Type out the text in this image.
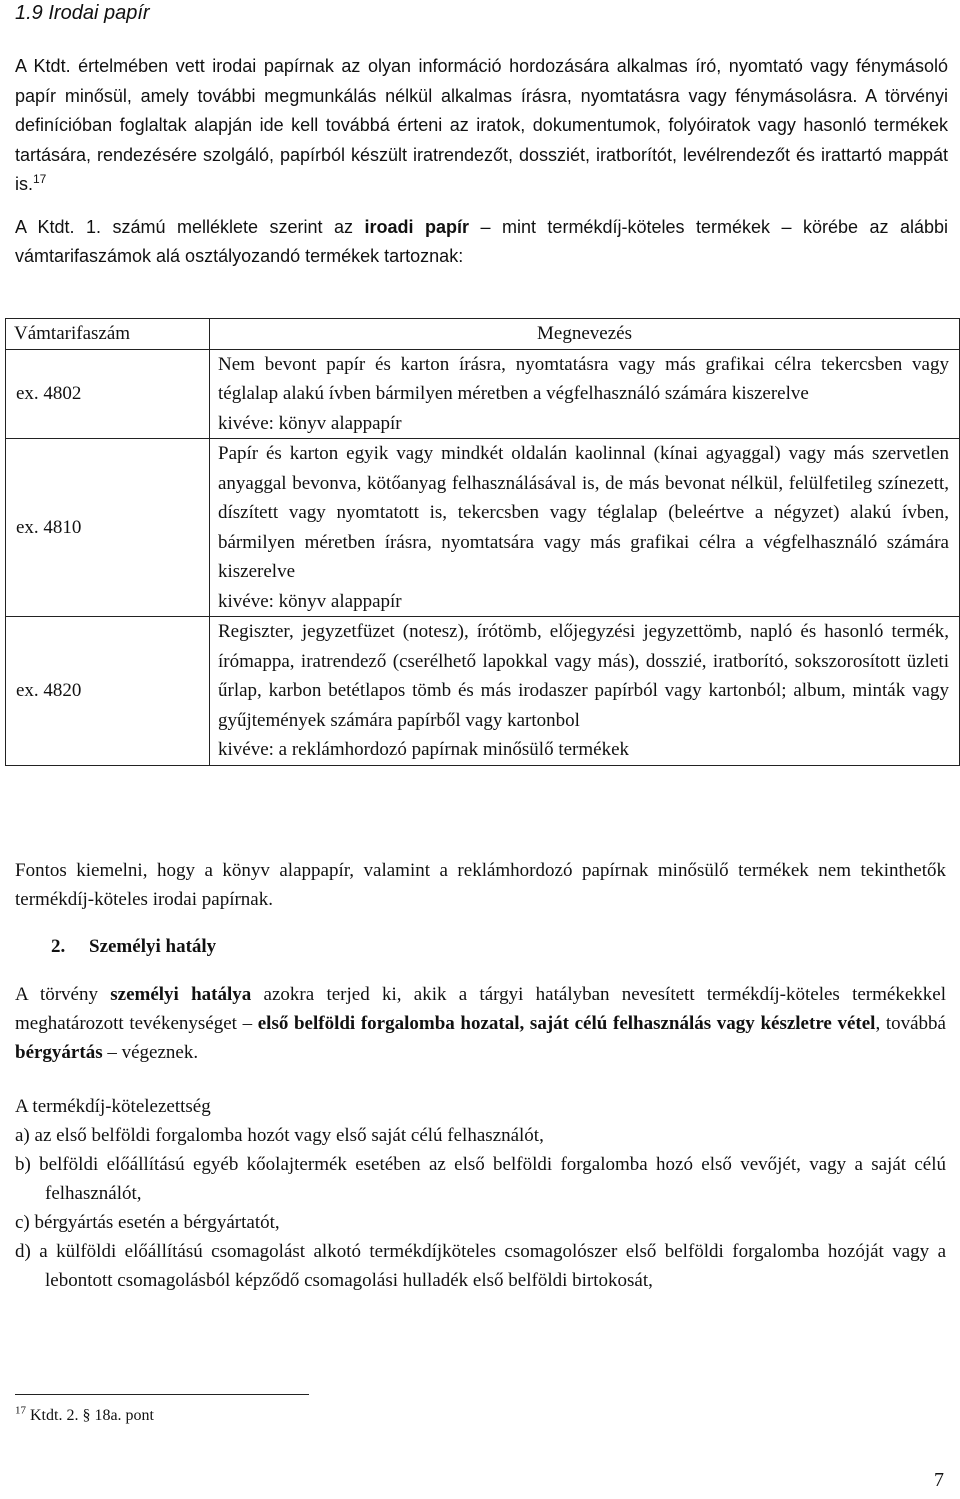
1.9 Irodai papír

A Ktdt. értelmében vett irodai papírnak az olyan információ hordozására alkalmas író, nyomtató vagy fénymásoló papír minősül, amely további megmunkálás nélkül alkalmas írásra, nyomtatásra vagy fénymásolásra. A törvényi definícióban foglaltak alapján ide kell továbbá érteni az iratok, dokumentumok, folyóiratok vagy hasonló termékek tartására, rendezésére szolgáló, papírból készült iratrendezőt, dossziét, iratborítót, levélrendezőt és irattartó mappát is.$^{17}$

A Ktdt. 1. számú melléklete szerint az iroadi papír – mint termékdíj-köteles termékek – körébe az alábbi vámtarifaszámok alá osztályozandó termékek tartoznak:

Vámtarifaszám	Megnevezés
ex. 4802	Nem bevont papír és karton írásra, nyomtatásra vagy más grafikai célra tekercsben vagy téglalap alakú ívben bármilyen méretben a végfelhasználó számára kiszerelve
kivéve: könyv alappapír

ex. 4810	Papír és karton egyik vagy mindkét oldalán kaolinnal (kínai agyaggal) vagy más szervetlen anyaggal bevonva, kötőanyag felhasználásával is, de más bevonat nélkül, felülfetileg színezett, díszített vagy nyomtatott is, tekercsben vagy téglalap (beleértve a négyzet) alakú ívben, bármilyen méretben írásra, nyomtatsára vagy más grafikai célra a végfelhasználó számára kiszerelve
kivéve: könyv alappapír

ex. 4820	Regiszter, jegyzetfüzet (notesz), írótömb, előjegyzési jegyzettömb, napló és hasonló termék, írómappa, iratrendező (cserélhető lapokkal vagy más), dosszié, iratborító, sokszorosított üzleti űrlap, karbon betétlapos tömb és más irodaszer papírból vagy kartonból; album, minták vagy gyűjtemények számára papírből vagy kartonbol
kivéve: a reklámhordozó papírnak minősülő termékek

Fontos kiemelni, hogy a könyv alappapír, valamint a reklámhordozó papírnak minősülő termékek nem tekinthetők termékdíj-köteles irodai papírnak.

2. Személyi hatály

A törvény személyi hatálya azokra terjed ki, akik a tárgyi hatályban nevesített termékdíj-köteles termékekkel meghatározott tevékenységet – első belföldi forgalomba hozatal, saját célú felhasználás vagy készletre vétel, továbbá bérgyártás – végeznek.

A termékdíj-kötelezettség

a) az első belföldi forgalomba hozót vagy első saját célú felhasználót,

b) belföldi előállítású egyéb kőolajtermék esetében az első belföldi forgalomba hozó első vevőjét, vagy a saját célú felhasználót,

c) bérgyártás esetén a bérgyártatót,

d) a külföldi előállítású csomagolást alkotó termékdíjköteles csomagolószer első belföldi forgalomba hozóját vagy a lebontott csomagolásból képződő csomagolási hulladék első belföldi birtokosát,

$^{17}$ Ktdt. 2. § 18a. pont
7
